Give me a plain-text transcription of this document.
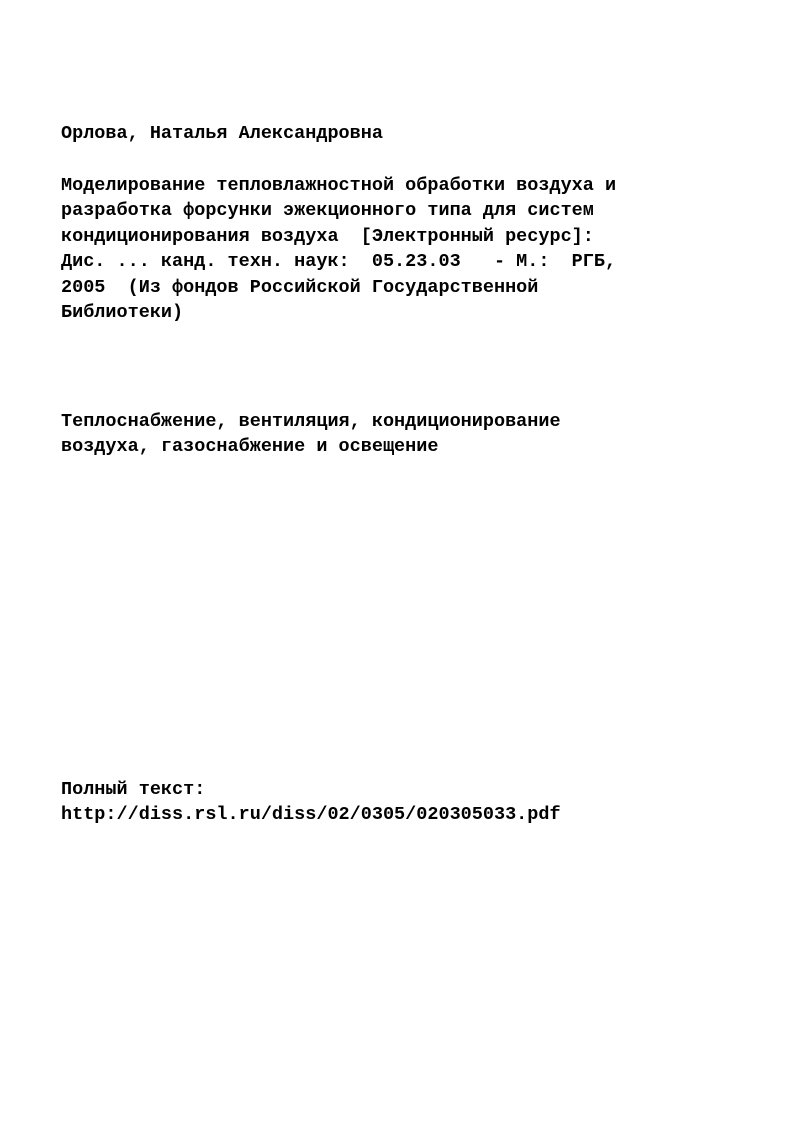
Орлова, Наталья Александровна
Моделирование тепловлажностной обработки воздуха и
разработка форсунки эжекционного типа для систем
кондиционирования воздуха  [Электронный ресурс]:
Дис. ... канд. техн. наук:  05.23.03   - М.:  РГБ,
2005  (Из фондов Российской Государственной
Библиотеки)
Теплоснабжение, вентиляция, кондиционирование
воздуха, газоснабжение и освещение
Полный текст:
http://diss.rsl.ru/diss/02/0305/020305033.pdf
